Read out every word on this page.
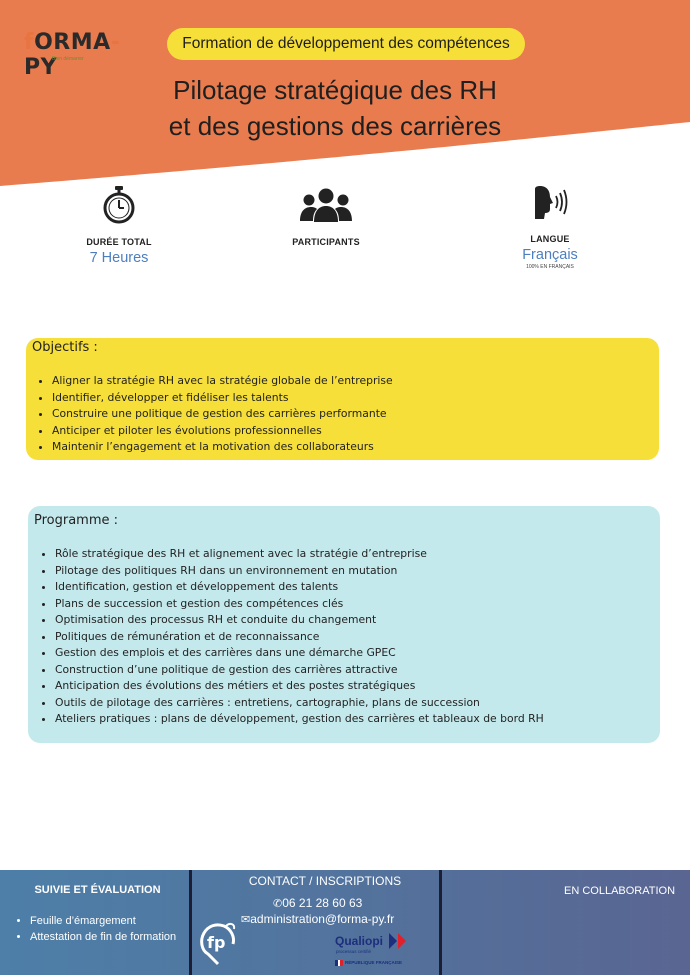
fORMA-PY
Bien démarrer
Formation de développement des compétences
Pilotage stratégique des RH
et des gestions des carrières
DURÉE TOTAL
7 Heures
PARTICIPANTS	LANGUE
Français
100% EN FRANÇAIS
Objectifs :
• Aligner la stratégie RH avec la stratégie globale de l’entreprise
• Identifier, développer et fidéliser les talents
• Construire une politique de gestion des carrières performante
• Anticiper et piloter les évolutions professionnelles
• Maintenir l’engagement et la motivation des collaborateurs
Programme :
• Rôle stratégique des RH et alignement avec la stratégie d’entreprise
• Pilotage des politiques RH dans un environnement en mutation
• Identification, gestion et développement des talents
• Plans de succession et gestion des compétences clés
• Optimisation des processus RH et conduite du changement
• Politiques de rémunération et de reconnaissance
• Gestion des emplois et des carrières dans une démarche GPEC
• Construction d’une politique de gestion des carrières attractive
• Anticipation des évolutions des métiers et des postes stratégiques
• Outils de pilotage des carrières : entretiens, cartographie, plans de succession
• Ateliers pratiques : plans de développement, gestion des carrières et tableaux de bord RH
SUIVIE ET ÉVALUATION
• Feuille d’émargement
• Attestation de fin de formation
CONTACT / INSCRIPTIONS
✆06 21 28 60 63
✉administration@forma-py.fr
fp	Qualiopi
processus certifié
RÉPUBLIQUE FRANÇAISE
EN COLLABORATION
